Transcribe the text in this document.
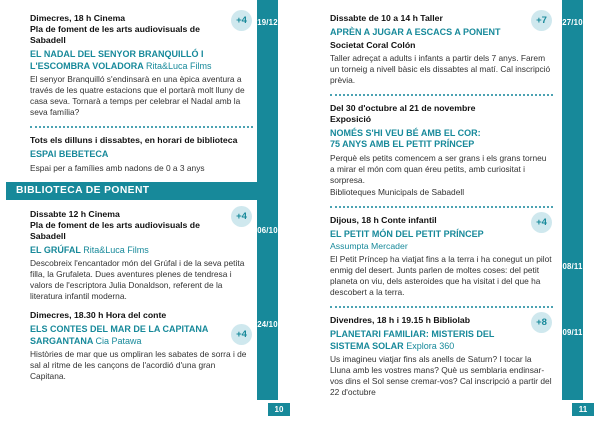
+4

Dimecres, 18 h Cinema

Pla de foment de les arts audiovisuals de Sabadell

EL NADAL DEL SENYOR BRANQUILLÓ I L'ESCOMBRA VOLADORA Rita&Luca Films

El senyor Branquilló s'endinsarà en una èpica aventura a través de les quatre estacions que el portarà molt lluny de casa seva. Tornarà a temps per celebrar el Nadal amb la seva família?

Tots els dilluns i dissabtes, en horari de biblioteca

ESPAI BEBETECA

Espai per a famílies amb nadons de 0 a 3 anys

BIBLIOTECA DE PONENT
+4

Dissabte 12 h Cinema

Pla de foment de les arts audiovisuals de Sabadell

EL GRÚFAL Rita&Luca Films

Descobreix l'encantador món del Grúfal i de la seva petita filla, la Grufaleta. Dues aventures plenes de tendresa i valors de l'escriptora Julia Donaldson, referent de la literatura infantil moderna.

+4

Dimecres, 18.30 h Hora del conte

ELS CONTES DEL MAR DE LA CAPITANA SARGANTANA Cia Patawa

Històries de mar que us ompliran les sabates de sorra i de sal al ritme de les cançons de l'acordió d'una gran Capitana.

19/12
06/10
24/10
10
+7

Dissabte de 10 a 14 h Taller

APRÈN A JUGAR A ESCACS A PONENT

Societat Coral Colón

Taller adreçat a adults i infants a partir dels 7 anys. Farem un torneig a nivell bàsic els dissabtes al matí. Cal inscripció prèvia.

Del 30 d'octubre al 21 de novembre

Exposició

NOMÉS S'HI VEU BÉ AMB EL COR:
75 ANYS AMB EL PETIT PRÍNCEP

Perquè els petits comencem a ser grans i els grans torneu a mirar el món com quan éreu petits, amb curiositat i sorpresa.

Biblioteques Municipals de Sabadell

+4

Dijous, 18 h Conte infantil

EL PETIT MÓN DEL PETIT PRÍNCEP

Assumpta Mercader

El Petit Príncep ha viatjat fins a la terra i ha conegut un pilot enmig del desert. Junts parlen de moltes coses: del petit planeta on viu, dels asteroides que ha visitat i del que ha descobert a la terra.

+8

Divendres, 18 h i 19.15 h Bibliolab

PLANETARI FAMILIAR: MISTERIS DEL SISTEMA SOLAR Explora 360

Us imagineu viatjar fins als anells de Saturn? I tocar la Lluna amb les vostres mans? Què us semblaria endinsar-vos dins el Sol sense cremar-vos? Cal inscripció a partir del 22 d'octubre

27/10
08/11
09/11
11
